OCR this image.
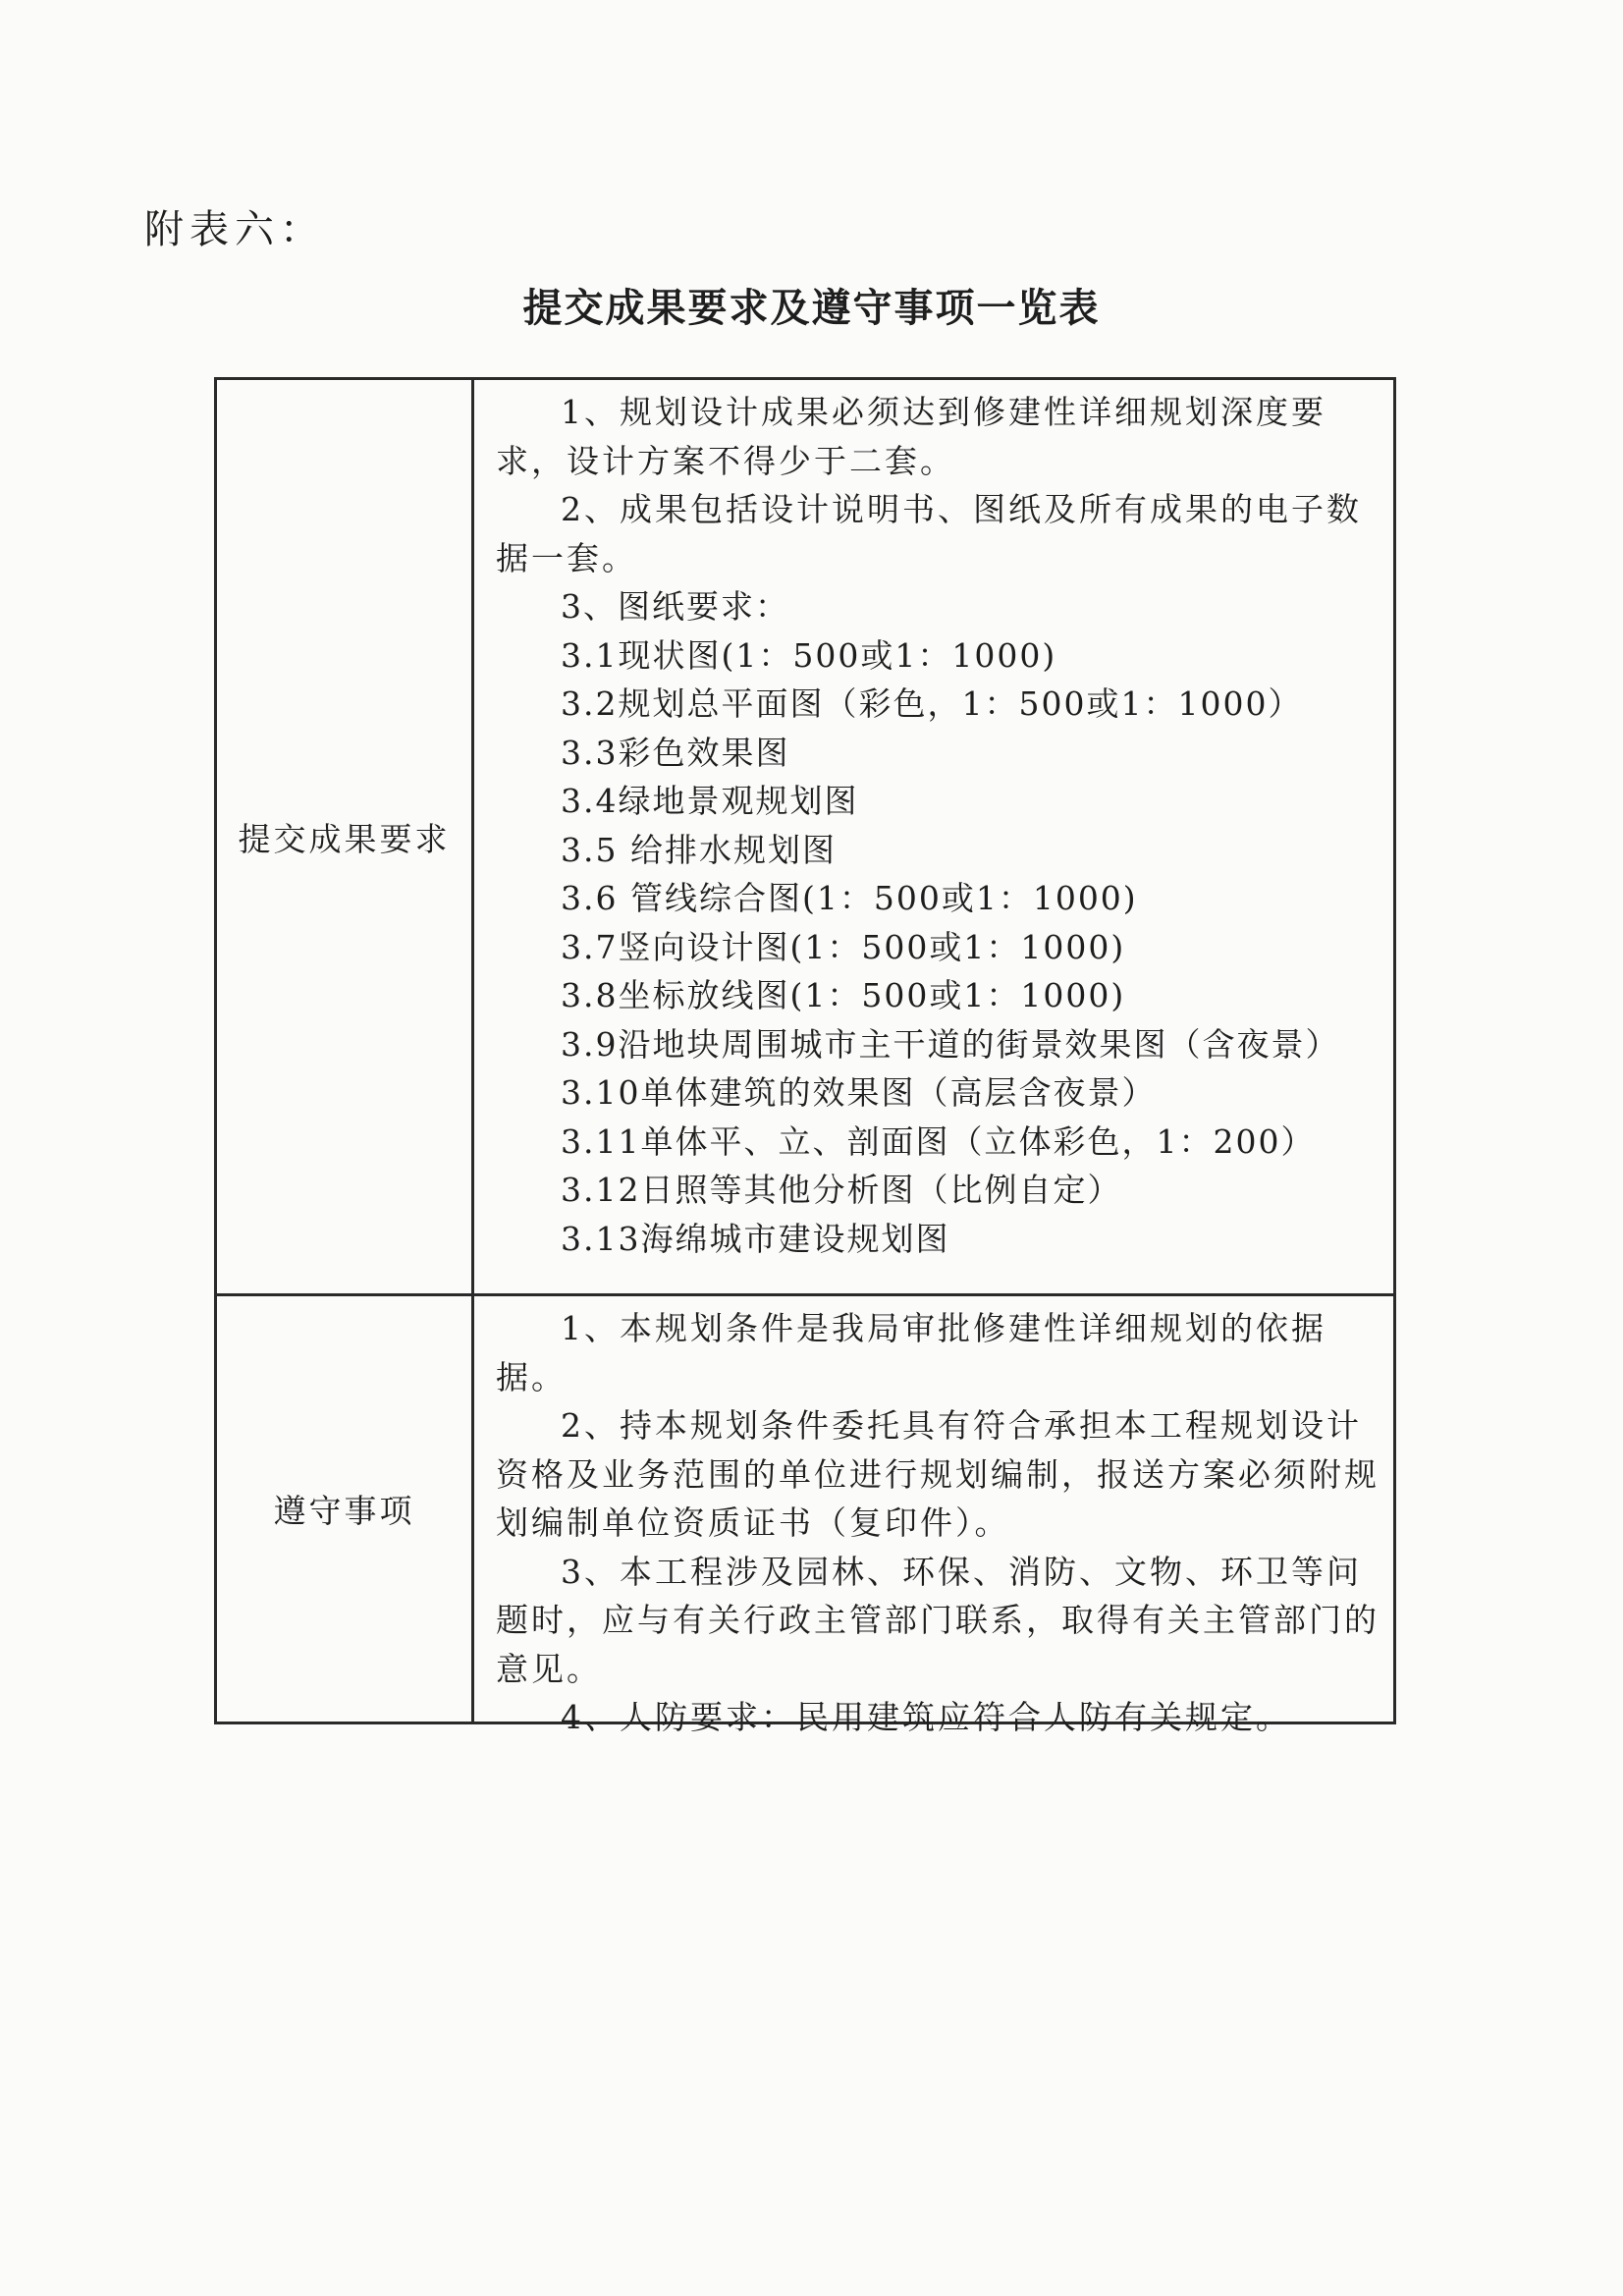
附表六：
提交成果要求及遵守事项一览表
提交成果要求

1、规划设计成果必须达到修建性详细规划深度要求，设计方案不得少于二套。

2、成果包括设计说明书、图纸及所有成果的电子数据一套。

3、图纸要求：

3.1现状图(1：500或1：1000)

3.2规划总平面图（彩色，1：500或1：1000）

3.3彩色效果图

3.4绿地景观规划图

3.5 给排水规划图

3.6 管线综合图(1：500或1：1000)

3.7竖向设计图(1：500或1：1000)

3.8坐标放线图(1：500或1：1000)

3.9沿地块周围城市主干道的街景效果图（含夜景）

3.10单体建筑的效果图（高层含夜景）

3.11单体平、立、剖面图（立体彩色，1：200）

3.12日照等其他分析图（比例自定）

3.13海绵城市建设规划图

遵守事项

1、本规划条件是我局审批修建性详细规划的依据据。

2、持本规划条件委托具有符合承担本工程规划设计资格及业务范围的单位进行规划编制，报送方案必须附规划编制单位资质证书（复印件）。

3、本工程涉及园林、环保、消防、文物、环卫等问题时，应与有关行政主管部门联系，取得有关主管部门的意见。

4、人防要求：民用建筑应符合人防有关规定。
